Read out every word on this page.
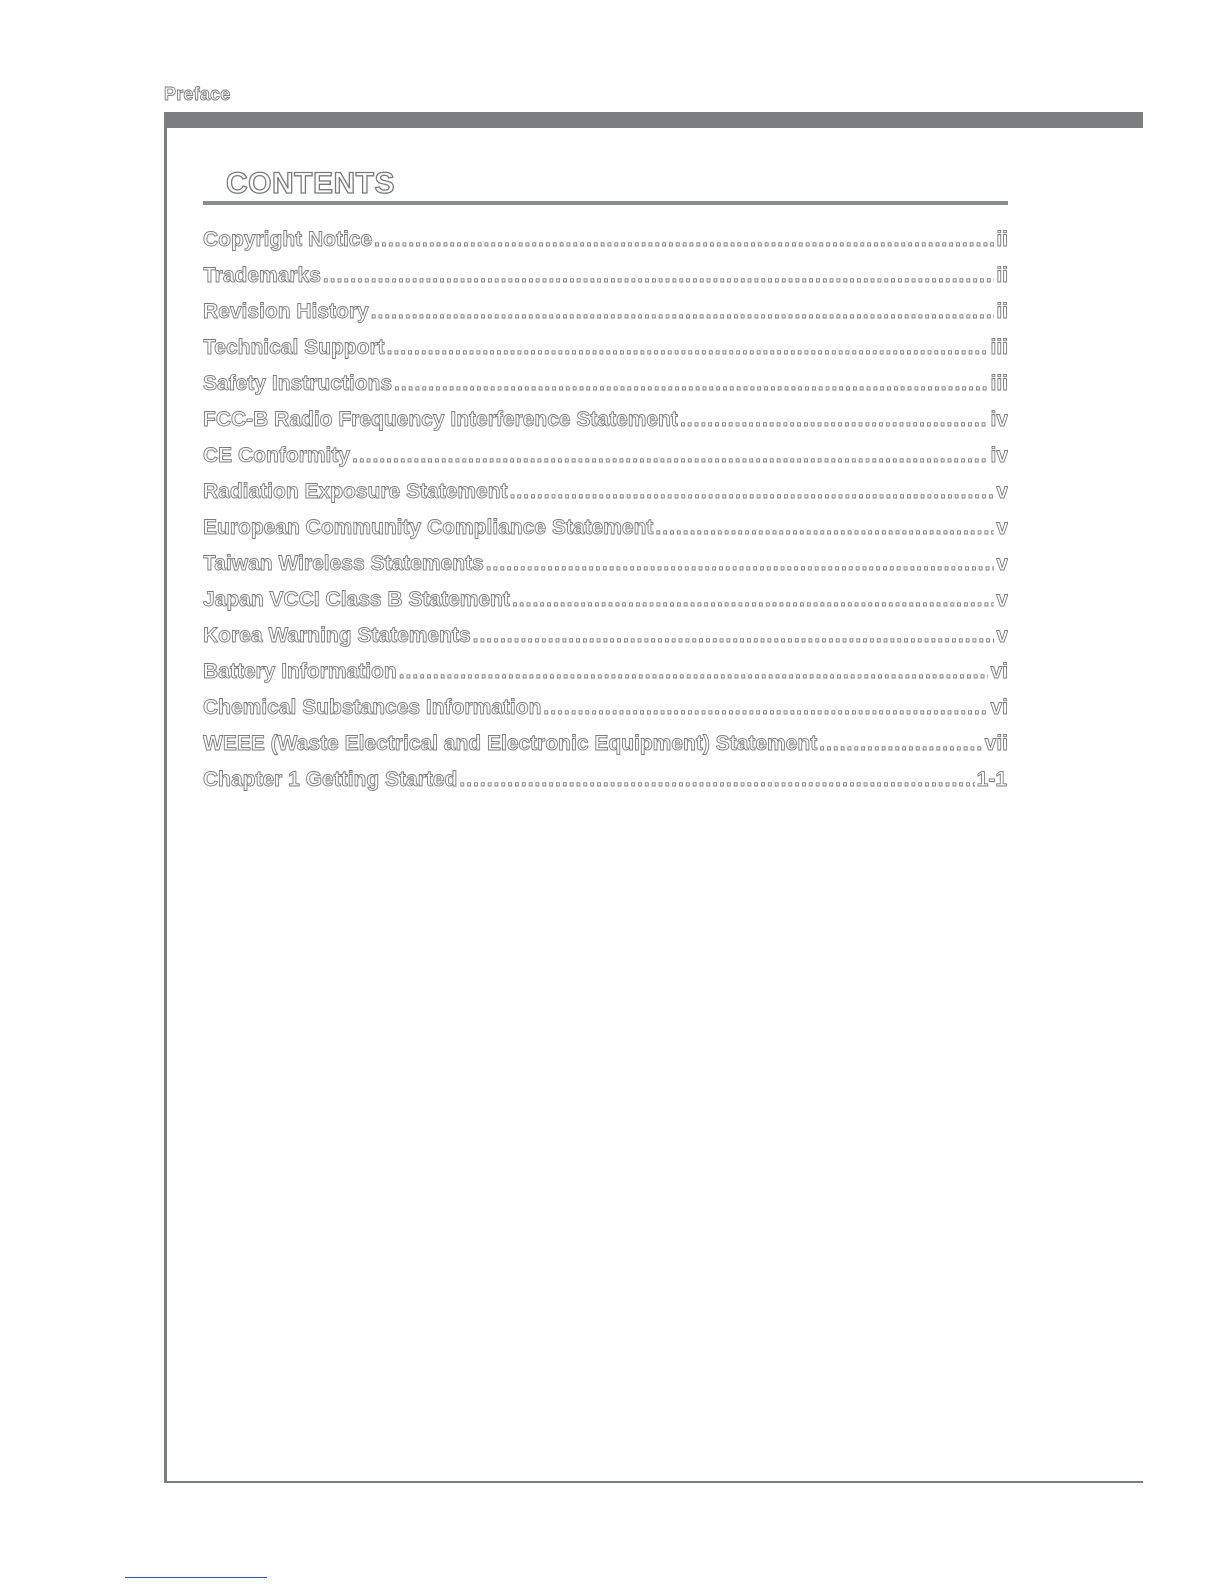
Preface
CONTENTS
Copyright Notice .....	ii
Trademarks .....	ii
Revision History .....	ii
Technical Support .....	iii
Safety Instructions .....	iii
FCC-B Radio Frequency Interference Statement .....	iv
CE Conformity .....	iv
Radiation Exposure Statement .....	v
European Community Compliance Statement .....	v
Taiwan Wireless Statements .....	v
Japan VCCI Class B Statement .....	v
Korea Warning Statements .....	v
Battery Information .....	vi
Chemical Substances Information .....	vi
WEEE (Waste Electrical and Electronic Equipment) Statement .....	vii
Chapter 1 Getting Started .....	1-1
